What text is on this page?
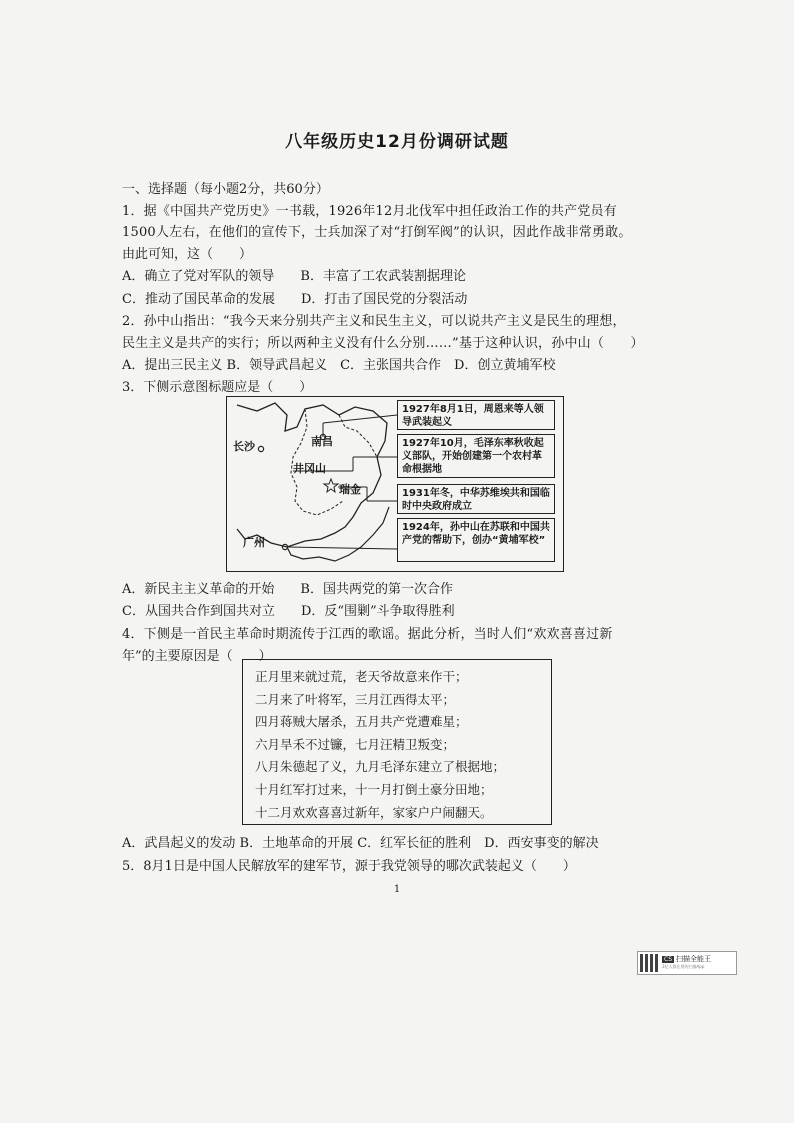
八年级历史12月份调研试题
一、选择题（每小题2分，共60分）
1．据《中国共产党历史》一书载，1926年12月北伐军中担任政治工作的共产党员有
1500人左右，在他们的宣传下，士兵加深了对“打倒军阀”的认识，因此作战非常勇敢。
由此可知，这（　　）
A．确立了党对军队的领导　　B．丰富了工农武装割据理论
C．推动了国民革命的发展　　D．打击了国民党的分裂活动
2．孙中山指出：“我今天来分别共产主义和民生主义，可以说共产主义是民生的理想，
民生主义是共产的实行；所以两种主义没有什么分别……”基于这种认识，孙中山（　　）
A．提出三民主义 B．领导武昌起义　C．主张国共合作　D．创立黄埔军校
3．下侧示意图标题应是（　　）
长沙	南昌
井冈山
瑞金
广州
1927年8月1日，周恩来等人领导武装起义
1927年10月，毛泽东率秋收起义部队，开始创建第一个农村革命根据地
1931年冬，中华苏维埃共和国临时中央政府成立
1924年，孙中山在苏联和中国共产党的帮助下，创办“黄埔军校”
A．新民主主义革命的开始　　B．国共两党的第一次合作
C．从国共合作到国共对立　　D．反“围剿”斗争取得胜利
4．下侧是一首民主革命时期流传于江西的歌谣。据此分析，当时人们“欢欢喜喜过新
年”的主要原因是（　　）
正月里来就过荒，老天爷故意来作干；
二月来了叶将军，三月江西得太平；
四月蒋贼大屠杀，五月共产党遭难星；
六月旱禾不过镰，七月汪精卫叛变；
八月朱德起了义，九月毛泽东建立了根据地；
十月红军打过来，十一月打倒土豪分田地；
十二月欢欢喜喜过新年，家家户户闹翻天。
A．武昌起义的发动 B．土地革命的开展 C．红军长征的胜利　D．西安事变的解决
5．8月1日是中国人民解放军的建军节，源于我党领导的哪次武装起义（　　）
1
CS 扫描全能王
3亿人都在用的扫描App
